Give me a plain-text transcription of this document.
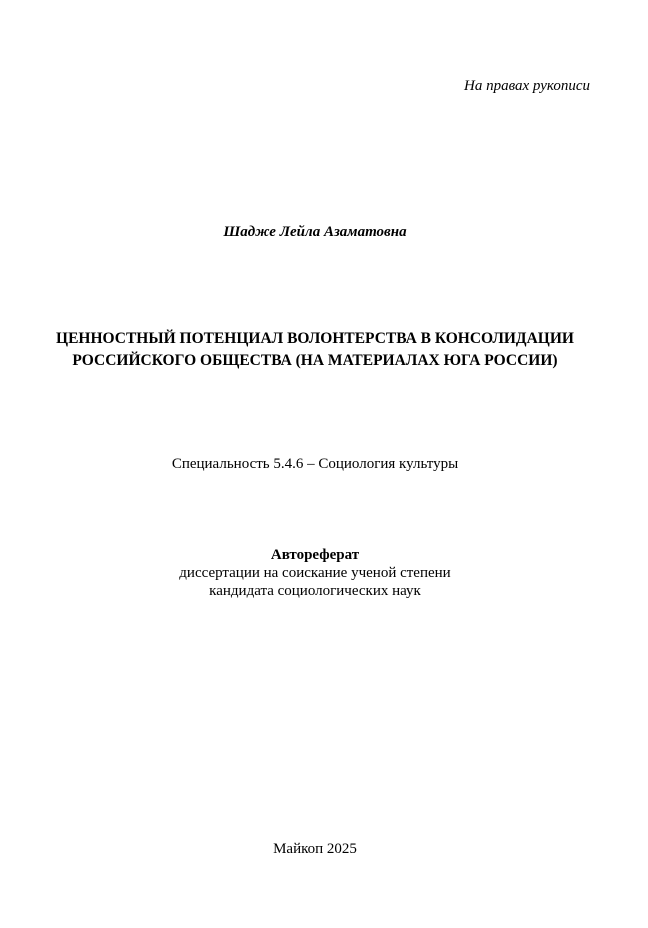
На правах рукописи
Шадже Лейла Азаматовна
ЦЕННОСТНЫЙ ПОТЕНЦИАЛ ВОЛОНТЕРСТВА В КОНСОЛИДАЦИИ
РОССИЙСКОГО ОБЩЕСТВА (НА МАТЕРИАЛАХ ЮГА РОССИИ)
Специальность 5.4.6 – Социология культуры
Автореферат
диссертации на соискание ученой степени
кандидата социологических наук
Майкоп 2025
